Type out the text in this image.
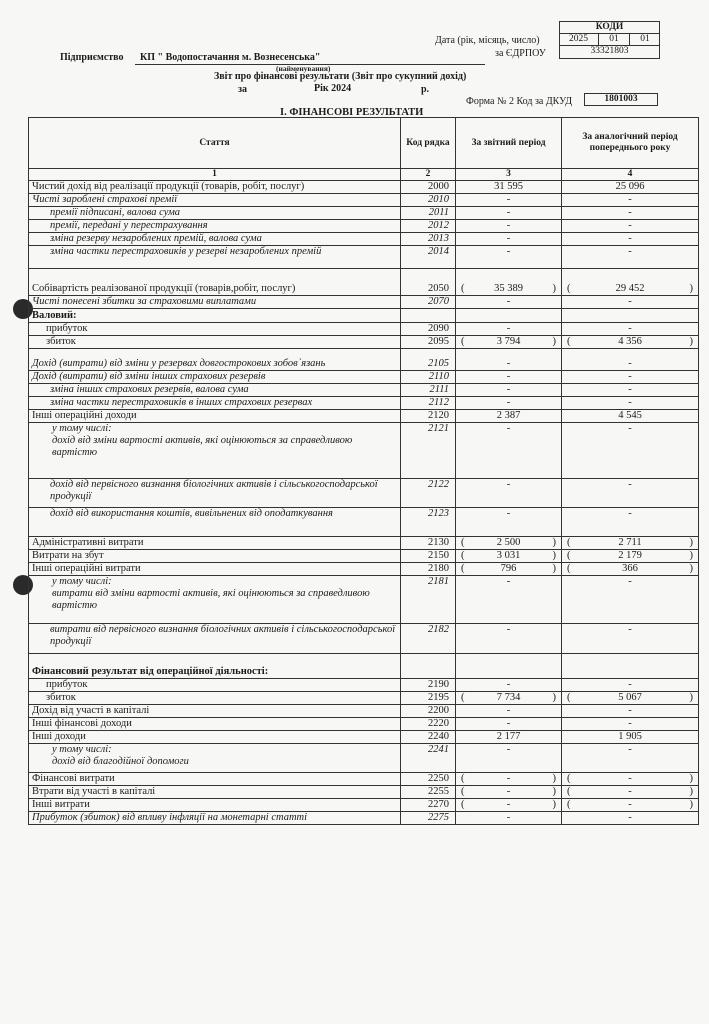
КОДИ
2025	01	01
33321803
Дата (рік, місяць, число)
Підприємство КП " Водопостачання м. Вознесенська"	за ЄДРПОУ
(найменування)
Звіт про фінансові результати (Звіт про сукупний дохід)
за	Рік 2024	р.
Форма № 2 Код за ДКУД	1801003
І. ФІНАНСОВІ РЕЗУЛЬТАТИ
Стаття	Код рядка	За звітний період	За аналогічний період попереднього року
1	2	3	4
Чистий дохід від реалізації продукції (товарів, робіт, послуг)	2000	31 595	25 096
Чисті зароблені страхові премії	2010	-	-
премії підписані, валова сума	2011	-	-
премії, передані у перестрахування	2012	-	-
зміна резерву незароблених премій, валова сума	2013	-	-
зміна частки перестраховиків у резерві незароблених премій	2014	-	-
Собівартість реалізованої продукції (товарів,робіт, послуг)	2050	( 35 389 )	( 29 452 )

Чисті понесені збитки за страховими виплатами	2070	-	-
Валовий:			
прибуток	2090	-	-
збиток	2095	( 3 794 )	( 4 356 )

Дохід (витрати) від зміни у резервах довгострокових зобов`язань	2105	-	-
Дохід (витрати) від зміни інших страхових резервів	2110	-	-
зміна інших страхових резервів, валова сума	2111	-	-
зміна частки перестраховиків в інших страхових резервах	2112	-	-
Інші операційні доходи	2120	2 387	4 545

у тому числі:
дохід від зміни вартості активів, які оцінюються за справедливою вартістю	2121	-	-
дохід від первісного визнання біологічних активів і сільськогосподарської продукції	2122	-	-
дохід від використання коштів, вивільнених від оподаткування	2123	-	-
Адміністративні витрати	2130	( 2 500 )	( 2 711 )

Витрати на збут	2150	( 3 031 )	( 2 179 )

Інші операційні витрати	2180	( 796 )	( 366 )

у тому числі:
витрати від зміни вартості активів, які оцінюються за справедливою вартістю	2181	-	-
витрати від первісного визнання біологічних активів і сільськогосподарської продукції	2182	-	-
Фінансовий результат від операційної діяльності:			
прибуток	2190	-	-
збиток	2195	( 7 734 )	( 5 067 )

Дохід від участі в капіталі	2200	-	-
Інші фінансові доходи	2220	-	-
Інші доходи	2240	2 177	1 905

у тому числі:
дохід від благодійної допомоги	2241	-	-
Фінансові витрати	2250	( - )	( - )

Втрати від участі в капіталі	2255	( - )	( - )

Інші витрати	2270	( - )	( - )

Прибуток (збиток) від впливу інфляції на монетарні статті	2275	-	-
